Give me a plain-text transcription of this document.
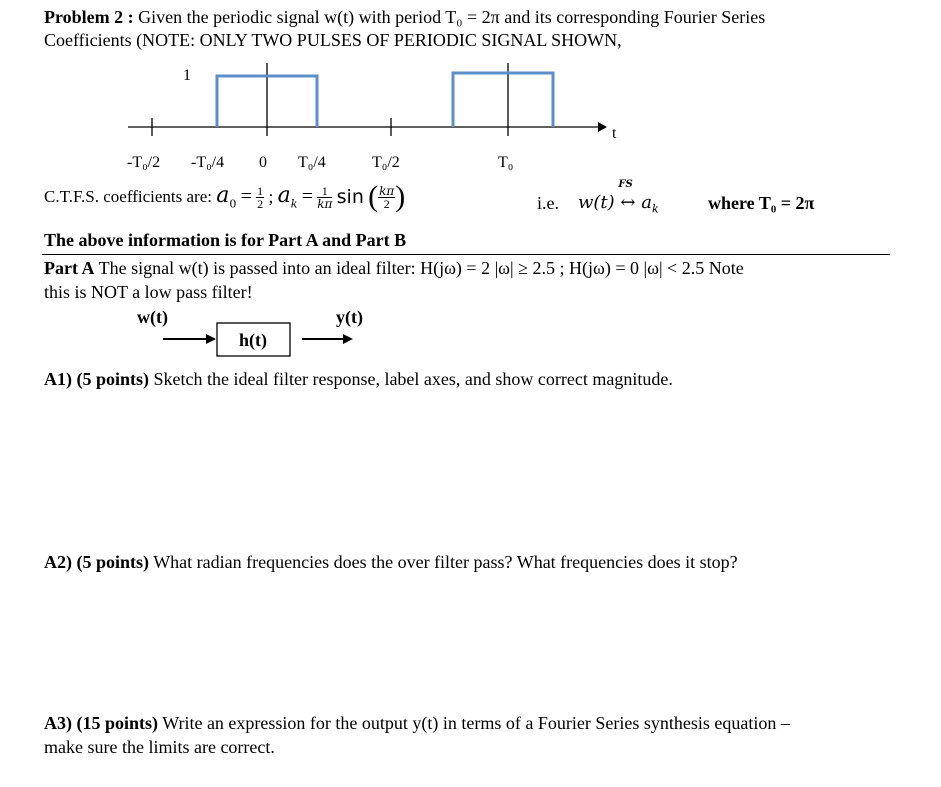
Problem 2 : Given the periodic signal w(t) with period T₀ = 2π and its corresponding Fourier Series
Coefficients (NOTE: ONLY TWO PULSES OF PERIODIC SIGNAL SHOWN,
1
t
-T₀/2 -T₀/4 0 T₀/4	T₀/2	T₀
C.T.F.S. coefficients are: $a_0 = \frac{1}{2}$ ; $a_k = \frac{1}{k\pi}$ sin ( $\frac{k\pi}{2}$ )	i.e. w(t)
FS
↔ $a_k$	where T₀ = 2π
The above information is for Part A and Part B
Part A The signal w(t) is passed into an ideal filter: H(jω) = 2 |ω| ≥ 2.5 ; H(jω) = 0 |ω| < 2.5 Note
this is NOT a low pass filter!
w(t)	y(t)
h(t)
A1) (5 points) Sketch the ideal filter response, label axes, and show correct magnitude.
A2) (5 points) What radian frequencies does the over filter pass? What frequencies does it stop?
A3) (15 points) Write an expression for the output y(t) in terms of a Fourier Series synthesis equation –
make sure the limits are correct.
